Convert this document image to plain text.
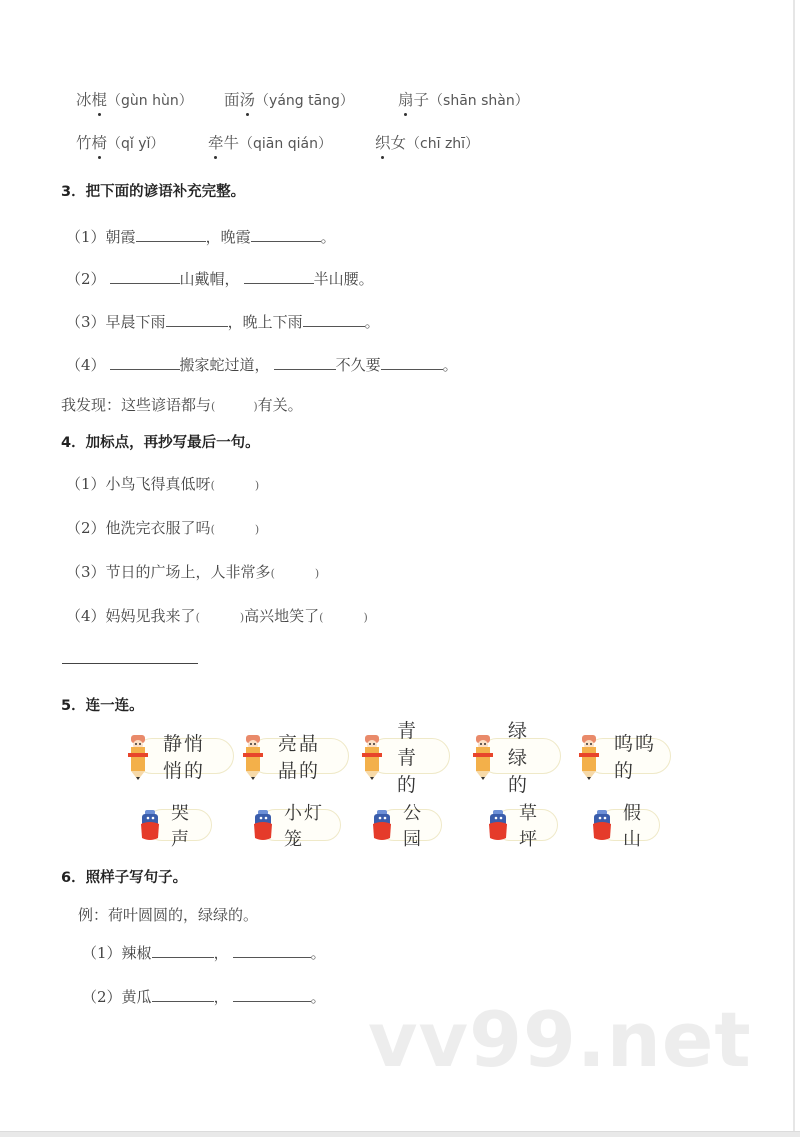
冰棍（gùn hùn） 面汤（yáng tāng）	扇子（shān shàn）
竹椅（qǐ yǐ）	牵牛（qiān qián）	织女（chī zhī）
3．把下面的谚语补充完整。
（1）朝霞	，晚霞	。
（2）	山戴帽，	半山腰。
（3）早晨下雨	，晚上下雨	。
（4）	搬家蛇过道，	不久要	。
我发现：这些谚语都与(	)有关。
4．加标点，再抄写最后一句。
（1）小鸟飞得真低呀(	)
（2）他洗完衣服了吗(	)
（3）节日的广场上，人非常多(	)
（4）妈妈见我来了(	)高兴地笑了(	)
5．连一连。
静悄悄的
亮晶晶的
青青的
绿绿的
呜呜的
哭声
小灯笼
公园
草坪
假山
6．照样子写句子。
例：荷叶圆圆的，绿绿的。
（1）辣椒	，	。
（2）黄瓜	，	。 vv99.net
